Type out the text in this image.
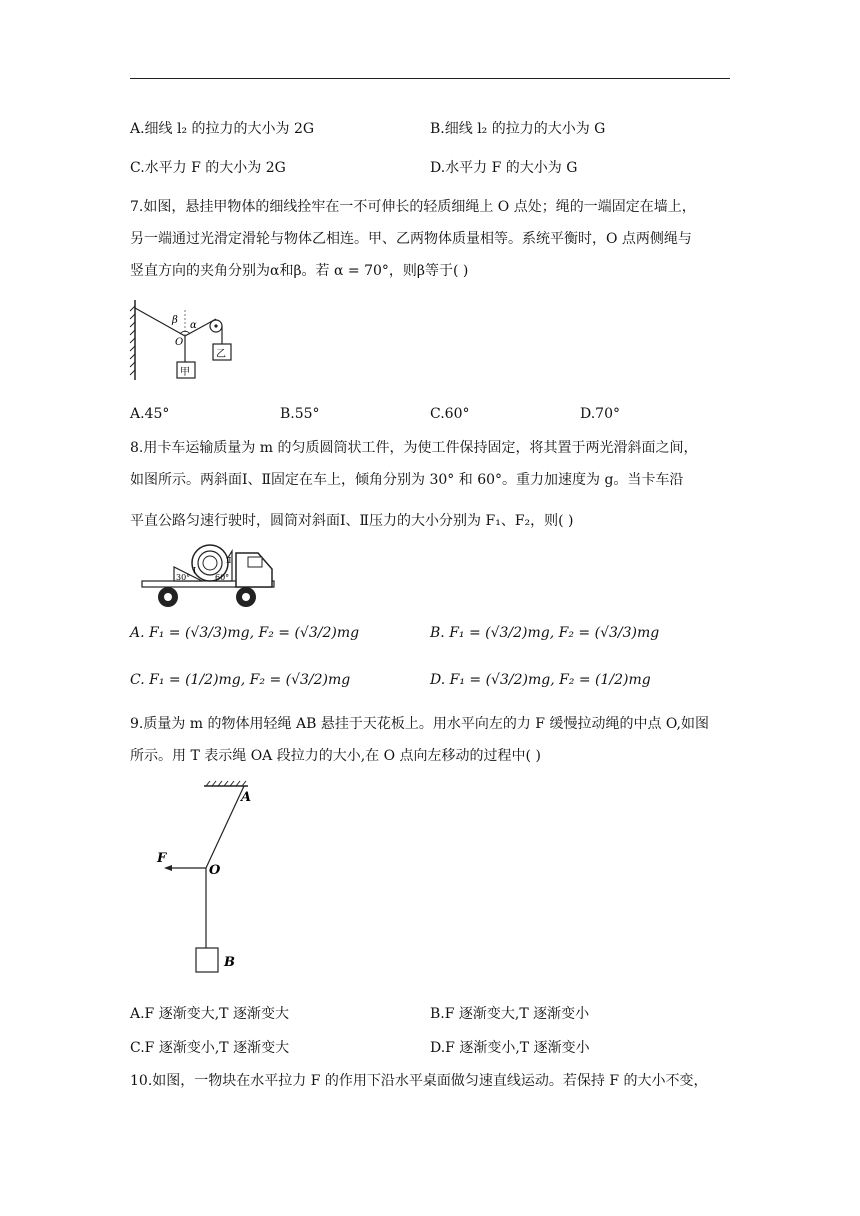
A.细线 l₂ 的拉力的大小为 2G	B.细线 l₂ 的拉力的大小为 G
C.水平力 F 的大小为 2G	D.水平力 F 的大小为 G
7.如图，悬挂甲物体的细线拴牢在一不可伸长的轻质细绳上 O 点处；绳的一端固定在墙上，
另一端通过光滑定滑轮与物体乙相连。甲、乙两物体质量相等。系统平衡时，O 点两侧绳与
竖直方向的夹角分别为α和β。若 α = 70°，则β等于( )
β α
O
乙
甲
A.45°	B.55°	C.60°	D.70°
8.用卡车运输质量为 m 的匀质圆筒状工件，为使工件保持固定，将其置于两光滑斜面之间，
如图所示。两斜面Ⅰ、Ⅱ固定在车上，倾角分别为 30° 和 60°。重力加速度为 g。当卡车沿
平直公路匀速行驶时，圆筒对斜面Ⅰ、Ⅱ压力的大小分别为 F₁、F₂，则( )
30°	60°
Ⅰ
Ⅱ
A. F₁ = (√3/3)mg, F₂ = (√3/2)mg	B. F₁ = (√3/2)mg, F₂ = (√3/3)mg
C. F₁ = (1/2)mg, F₂ = (√3/2)mg	D. F₁ = (√3/2)mg, F₂ = (1/2)mg
9.质量为 m 的物体用轻绳 AB 悬挂于天花板上。用水平向左的力 F 缓慢拉动绳的中点 O,如图
所示。用 T 表示绳 OA 段拉力的大小,在 O 点向左移动的过程中( )
A
O
F
B
A.F 逐渐变大,T 逐渐变大	B.F 逐渐变大,T 逐渐变小
C.F 逐渐变小,T 逐渐变大	D.F 逐渐变小,T 逐渐变小
10.如图，一物块在水平拉力 F 的作用下沿水平桌面做匀速直线运动。若保持 F 的大小不变，
